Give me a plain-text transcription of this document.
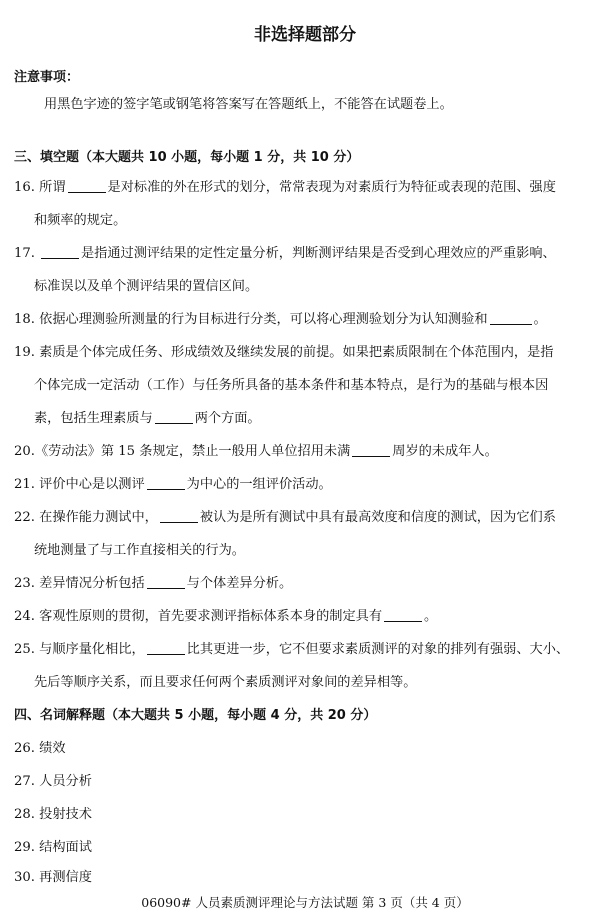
非选择题部分
注意事项：
用黑色字迹的签字笔或钢笔将答案写在答题纸上，不能答在试题卷上。
三、填空题（本大题共 10 小题，每小题 1 分，共 10 分）
16. 所谓	是对标准的外在形式的划分，常常表现为对素质行为特征或表现的范围、强度
和频率的规定。
17.	是指通过测评结果的定性定量分析，判断测评结果是否受到心理效应的严重影响、
标准误以及单个测评结果的置信区间。
18. 依据心理测验所测量的行为目标进行分类，可以将心理测验划分为认知测验和	。
19. 素质是个体完成任务、形成绩效及继续发展的前提。如果把素质限制在个体范围内，是指
个体完成一定活动（工作）与任务所具备的基本条件和基本特点，是行为的基础与根本因
素，包括生理素质与	两个方面。
20.《劳动法》第 15 条规定，禁止一般用人单位招用未满	周岁的未成年人。
21. 评价中心是以测评	为中心的一组评价活动。
22. 在操作能力测试中，	被认为是所有测试中具有最高效度和信度的测试，因为它们系
统地测量了与工作直接相关的行为。
23. 差异情况分析包括	与个体差异分析。
24. 客观性原则的贯彻，首先要求测评指标体系本身的制定具有	。
25. 与顺序量化相比，	比其更进一步，它不但要求素质测评的对象的排列有强弱、大小、
先后等顺序关系，而且要求任何两个素质测评对象间的差异相等。
四、名词解释题（本大题共 5 小题，每小题 4 分，共 20 分）
26. 绩效
27. 人员分析
28. 投射技术
29. 结构面试
30. 再测信度
06090# 人员素质测评理论与方法试题 第 3 页（共 4 页）
